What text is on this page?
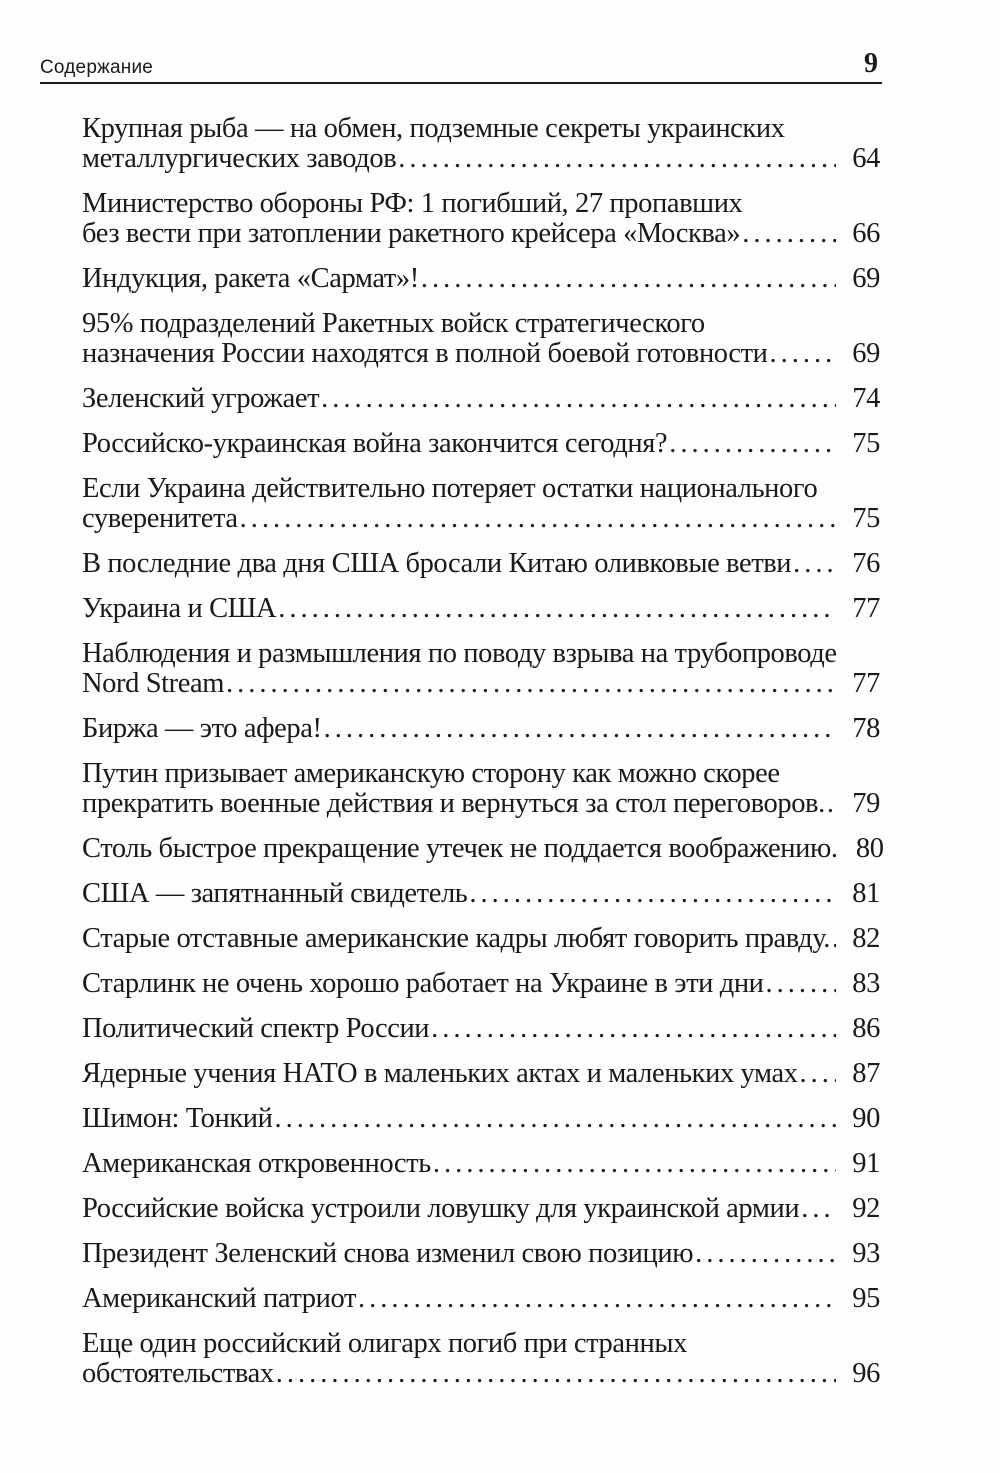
Содержание	9
Крупная рыба — на обмен, подземные секреты украинских
металлургических заводов .....	64
Министерство обороны РФ: 1 погибший, 27 пропавших
без вести при затоплении ракетного крейсера «Москва» .....	66
Индукция, ракета «Сармат»! .....	69
95% подразделений Ракетных войск стратегического
назначения России находятся в полной боевой готовности .....	69
Зеленский угрожает .....	74
Российско-украинская война закончится сегодня? .....	75
Если Украина действительно потеряет остатки национального
суверенитета .....	75
В последние два дня США бросали Китаю оливковые ветви .....	76
Украина и США .....	77
Наблюдения и размышления по поводу взрыва на трубопроводе
Nord Stream .....	77
Биржа — это афера! .....	78
Путин призывает американскую сторону как можно скорее
прекратить военные действия и вернуться за стол переговоров. ..... 79
Столь быстрое прекращение утечек не поддается воображению. 80
США — запятнанный свидетель .....	81
Старые отставные американские кадры любят говорить правду. ..... 82
Старлинк не очень хорошо работает на Украине в эти дни .....	83
Политический спектр России .....	86
Ядерные учения НАТО в маленьких актах и маленьких умах .....	87
Шимон: Тонкий .....	90
Американская откровенность .....	91
Российские войска устроили ловушку для украинской армии .....	92
Президент Зеленский снова изменил свою позицию .....	93
Американский патриот .....	95
Еще один российский олигарх погиб при странных
обстоятельствах .....	96
